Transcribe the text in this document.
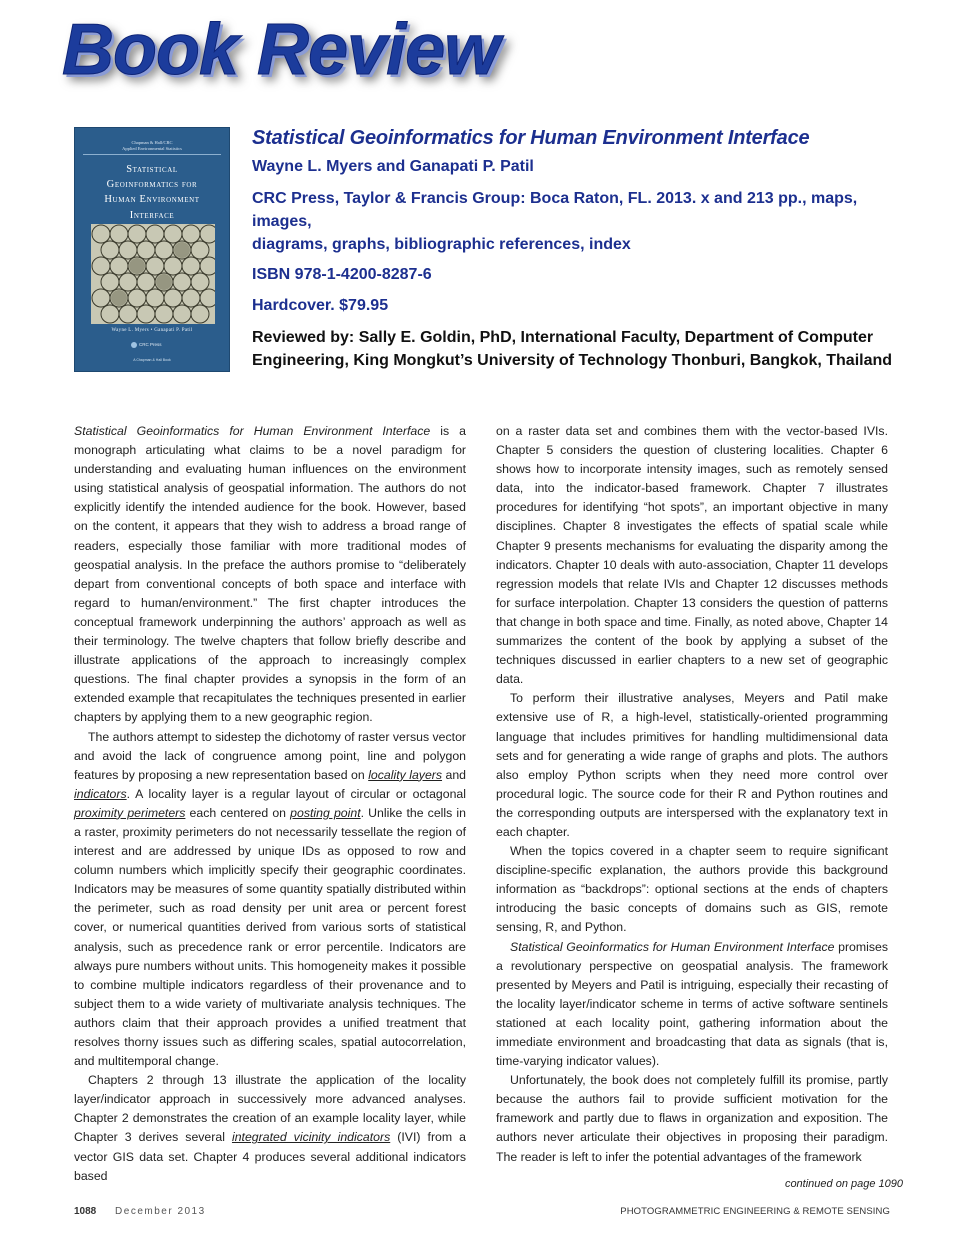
Book Review
Chapman & Hall/CRC
Applied Environmental Statistics
Statistical
Geoinformatics for
Human Environment
Interface
Wayne L. Myers • Ganapati P. Patil
CRC Press
A Chapman & Hall Book
Statistical Geoinformatics for Human Environment Interface
Wayne L. Myers and Ganapati P. Patil
CRC Press, Taylor & Francis Group: Boca Raton, FL. 2013. x and 213 pp., maps, images,
diagrams, graphs, bibliographic references, index
ISBN 978-1-4200-8287-6
Hardcover. $79.95
Reviewed by: Sally E. Goldin, PhD, International Faculty, Department of Computer
Engineering, King Mongkut’s University of Technology Thonburi, Bangkok, Thailand

Statistical Geoinformatics for Human Environment Interface is a monograph articulating what claims to be a novel paradigm for understanding and evaluating human influences on the environment using statistical analysis of geospatial information. The authors do not explicitly identify the intended audience for the book. However, based on the content, it appears that they wish to address a broad range of readers, especially those familiar with more traditional modes of geospatial analysis. In the preface the authors promise to “deliberately depart from conventional concepts of both space and interface with regard to human/environment.” The first chapter introduces the conceptual framework underpinning the authors’ approach as well as their terminology. The twelve chapters that follow briefly describe and illustrate applications of the approach to increasingly complex questions. The final chapter provides a synopsis in the form of an extended example that recapitulates the techniques presented in earlier chapters by applying them to a new geographic region.

The authors attempt to sidestep the dichotomy of raster versus vector and avoid the lack of congruence among point, line and polygon features by proposing a new representation based on locality layers and indicators. A locality layer is a regular layout of circular or octagonal proximity perimeters each centered on posting point. Unlike the cells in a raster, proximity perimeters do not necessarily tessellate the region of interest and are addressed by unique IDs as opposed to row and column numbers which implicitly specify their geographic coordinates. Indicators may be measures of some quantity spatially distributed within the perimeter, such as road density per unit area or percent forest cover, or numerical quantities derived from various sorts of statistical analysis, such as precedence rank or error percentile. Indicators are always pure numbers without units. This homogeneity makes it possible to combine multiple indicators regardless of their provenance and to subject them to a wide variety of multivariate analysis techniques. The authors claim that their approach provides a unified treatment that resolves thorny issues such as differing scales, spatial autocorrelation, and multitemporal change.

Chapters 2 through 13 illustrate the application of the locality layer/indicator approach in successively more advanced analyses. Chapter 2 demonstrates the creation of an example locality layer, while Chapter 3 derives several integrated vicinity indicators (IVI) from a vector GIS data set. Chapter 4 produces several additional indicators based

on a raster data set and combines them with the vector-based IVIs. Chapter 5 considers the question of clustering localities. Chapter 6 shows how to incorporate intensity images, such as remotely sensed data, into the indicator-based framework. Chapter 7 illustrates procedures for identifying “hot spots”, an important objective in many disciplines. Chapter 8 investigates the effects of spatial scale while Chapter 9 presents mechanisms for evaluating the disparity among the indicators. Chapter 10 deals with auto-association, Chapter 11 develops regression models that relate IVIs and Chapter 12 discusses methods for surface interpolation. Chapter 13 considers the question of patterns that change in both space and time. Finally, as noted above, Chapter 14 summarizes the content of the book by applying a subset of the techniques discussed in earlier chapters to a new set of geographic data.

To perform their illustrative analyses, Meyers and Patil make extensive use of R, a high-level, statistically-oriented programming language that includes primitives for handling multidimensional data sets and for generating a wide range of graphs and plots. The authors also employ Python scripts when they need more control over procedural logic. The source code for their R and Python routines and the corresponding outputs are interspersed with the explanatory text in each chapter.

When the topics covered in a chapter seem to require significant discipline-specific explanation, the authors provide this background information as “backdrops”: optional sections at the ends of chapters introducing the basic concepts of domains such as GIS, remote sensing, R, and Python.

Statistical Geoinformatics for Human Environment Interface promises a revolutionary perspective on geospatial analysis. The framework presented by Meyers and Patil is intriguing, especially their recasting of the locality layer/indicator scheme in terms of active software sentinels stationed at each locality point, gathering information about the immediate environment and broadcasting that data as signals (that is, time-varying indicator values).

Unfortunately, the book does not completely fulfill its promise, partly because the authors fail to provide sufficient motivation for the framework and partly due to flaws in organization and exposition. The authors never articulate their objectives in proposing their paradigm. The reader is left to infer the potential advantages of the framework

continued on page 1090
1088 December 2013	PHOTOGRAMMETRIC ENGINEERING & REMOTE SENSING
